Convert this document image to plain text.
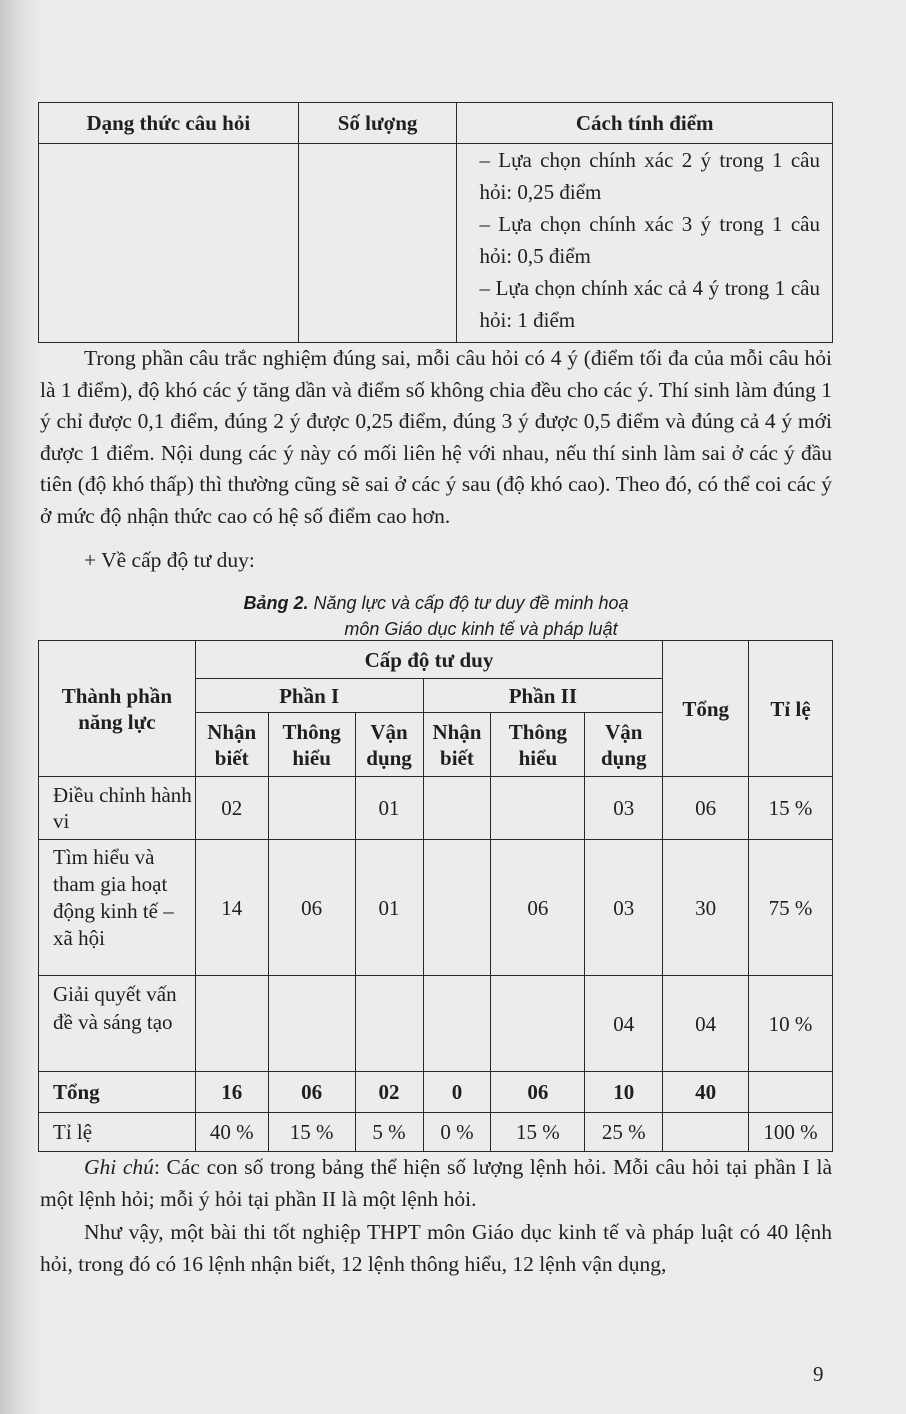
Dạng thức câu hỏi	Số lượng	Cách tính điểm

		– Lựa chọn chính xác 2 ý trong 1 câu hỏi: 0,25 điểm
– Lựa chọn chính xác 3 ý trong 1 câu hỏi: 0,5 điểm
– Lựa chọn chính xác cả 4 ý trong 1 câu hỏi: 1 điểm

Trong phần câu trắc nghiệm đúng sai, mỗi câu hỏi có 4 ý (điểm tối đa của mỗi câu hỏi là 1 điểm), độ khó các ý tăng dần và điểm số không chia đều cho các ý. Thí sinh làm đúng 1 ý chỉ được 0,1 điểm, đúng 2 ý được 0,25 điểm, đúng 3 ý được 0,5 điểm và đúng cả 4 ý mới được 1 điểm. Nội dung các ý này có mối liên hệ với nhau, nếu thí sinh làm sai ở các ý đầu tiên (độ khó thấp) thì thường cũng sẽ sai ở các ý sau (độ khó cao). Theo đó, có thể coi các ý ở mức độ nhận thức cao có hệ số điểm cao hơn.

+ Về cấp độ tư duy:

Bảng 2. Năng lực và cấp độ tư duy đề minh hoạ
môn Giáo dục kinh tế và pháp luật
Thành phần năng lực	Cấp độ tư duy						Tổng	Tỉ lệ
	Phần I			Phần II				
	Nhận biết	Thông hiểu	Vận dụng	Nhận biết	Thông hiểu	Vận dụng		
Điều chỉnh hành vi	02		01			03	06	15 %
Tìm hiểu và tham gia hoạt động kinh tế – xã hội	14	06	01		06	03	30	75 %
Giải quyết vấn đề và sáng tạo						04	04	10 %
Tổng	16	06	02	0	06	10	40	
Tỉ lệ	40 %	15 %	5 %	0 %	15 %	25 %		100 %

Ghi chú: Các con số trong bảng thể hiện số lượng lệnh hỏi. Mỗi câu hỏi tại phần I là một lệnh hỏi; mỗi ý hỏi tại phần II là một lệnh hỏi.

Như vậy, một bài thi tốt nghiệp THPT môn Giáo dục kinh tế và pháp luật có 40 lệnh hỏi, trong đó có 16 lệnh nhận biết, 12 lệnh thông hiểu, 12 lệnh vận dụng,

9
